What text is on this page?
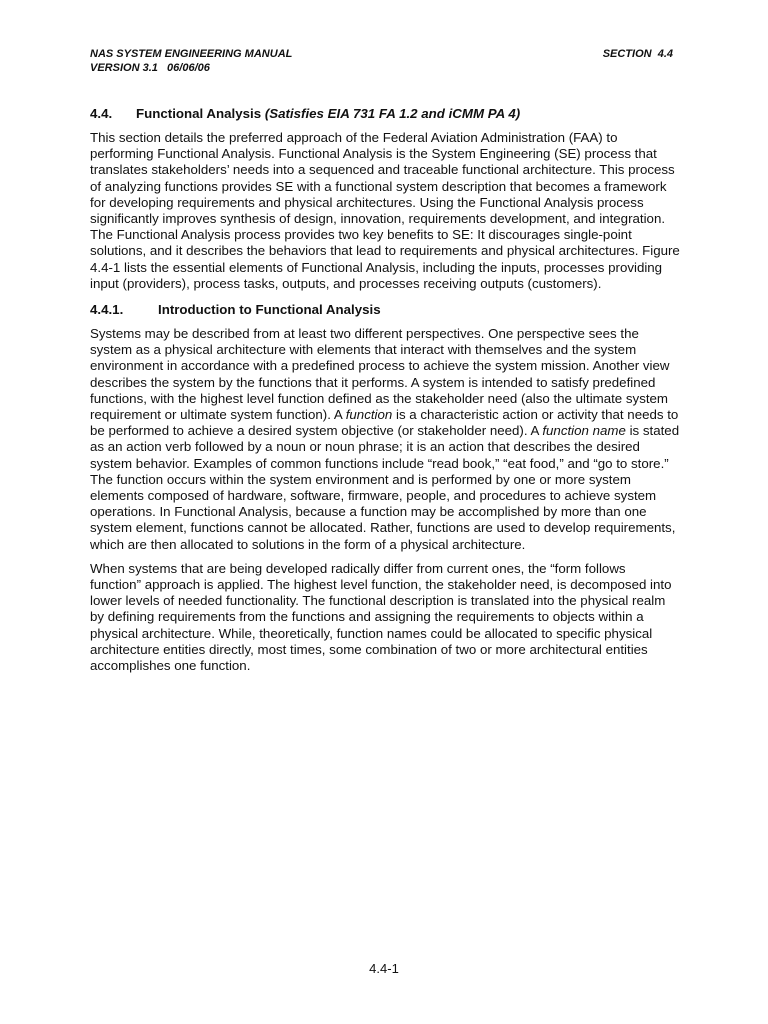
NAS SYSTEM ENGINEERING MANUAL
VERSION 3.1   06/06/06
SECTION  4.4
4.4. Functional Analysis (Satisfies EIA 731 FA 1.2 and iCMM PA 4)

This section details the preferred approach of the Federal Aviation Administration (FAA) to performing Functional Analysis. Functional Analysis is the System Engineering (SE) process that translates stakeholders’ needs into a sequenced and traceable functional architecture. This process of analyzing functions provides SE with a functional system description that becomes a framework for developing requirements and physical architectures. Using the Functional Analysis process significantly improves synthesis of design, innovation, requirements development, and integration. The Functional Analysis process provides two key benefits to SE: It discourages single-point solutions, and it describes the behaviors that lead to requirements and physical architectures. Figure 4.4-1 lists the essential elements of Functional Analysis, including the inputs, processes providing input (providers), process tasks, outputs, and processes receiving outputs (customers).

4.4.1.	Introduction to Functional Analysis

Systems may be described from at least two different perspectives. One perspective sees the system as a physical architecture with elements that interact with themselves and the system environment in accordance with a predefined process to achieve the system mission. Another view describes the system by the functions that it performs. A system is intended to satisfy predefined functions, with the highest level function defined as the stakeholder need (also the ultimate system requirement or ultimate system function). A function is a characteristic action or activity that needs to be performed to achieve a desired system objective (or stakeholder need). A function name is stated as an action verb followed by a noun or noun phrase; it is an action that describes the desired system behavior. Examples of common functions include “read book,” “eat food,” and “go to store.” The function occurs within the system environment and is performed by one or more system elements composed of hardware, software, firmware, people, and procedures to achieve system operations. In Functional Analysis, because a function may be accomplished by more than one system element, functions cannot be allocated. Rather, functions are used to develop requirements, which are then allocated to solutions in the form of a physical architecture.

When systems that are being developed radically differ from current ones, the “form follows function” approach is applied. The highest level function, the stakeholder need, is decomposed into lower levels of needed functionality. The functional description is translated into the physical realm by defining requirements from the functions and assigning the requirements to objects within a physical architecture. While, theoretically, function names could be allocated to specific physical architecture entities directly, most times, some combination of two or more architectural entities accomplishes one function.

4.4-1
